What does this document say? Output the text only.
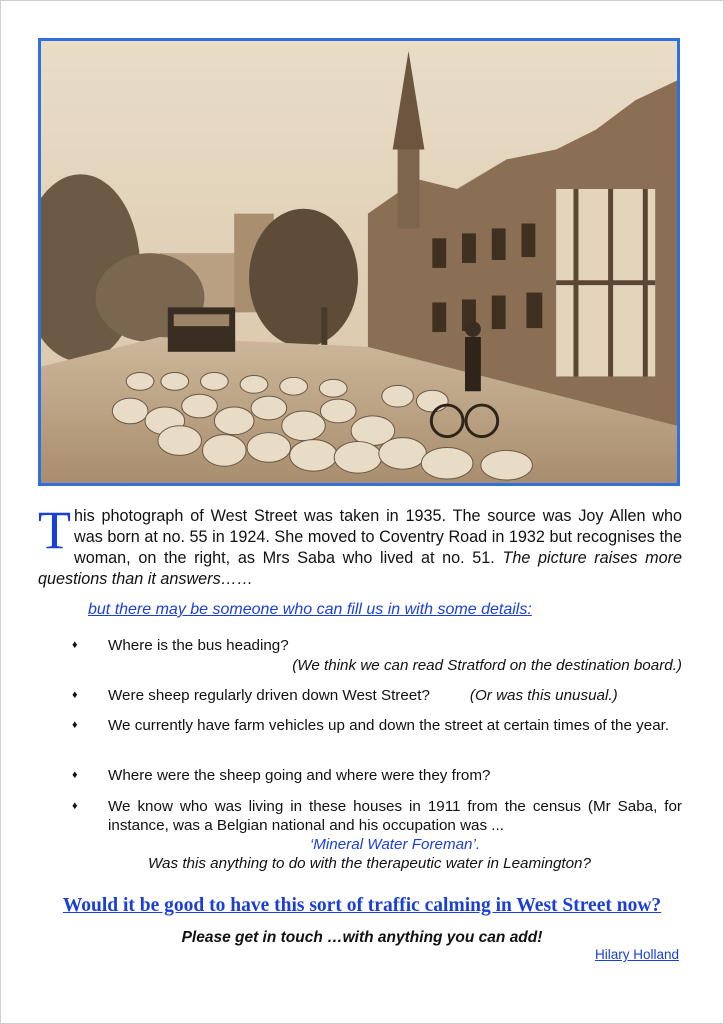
This photograph of West Street was taken in 1935. The source was Joy Allen who was born at no. 55 in 1924. She moved to Coventry Road in 1932 but recognises the woman, on the right, as Mrs Saba who lived at no. 51. The picture raises more questions than it answers……
but there may be someone who can fill us in with some details:
♦ Where is the bus heading?
(We think we can read Stratford on the destination board.)
♦ Were sheep regularly driven down West Street?	(Or was this unusual.)
♦ We currently have farm vehicles up and down the street at certain times of the year.
♦ Where were the sheep going and where were they from?
♦ We know who was living in these houses in 1911 from the census (Mr Saba, for instance, was a Belgian national and his occupation was ...
‘Mineral Water Foreman’.
Was this anything to do with the therapeutic water in Leamington?
Would it be good to have this sort of traffic calming in West Street now?
Please get in touch …with anything you can add!
Hilary Holland
